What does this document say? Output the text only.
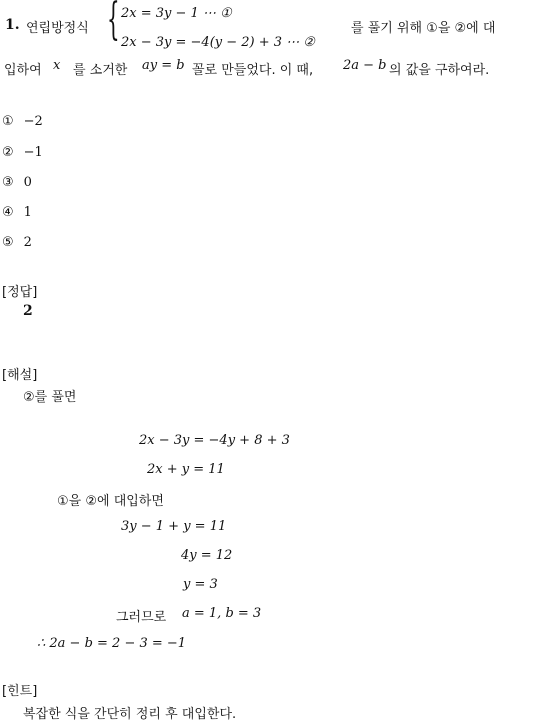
1. 연립방정식 { 2x = 3y − 1 ⋯ ①
2x − 3y = −4(y − 2) + 3 ⋯ ②
를 풀기 위해 ①을 ②에 대
입하여 x 를 소거한 ay = b 꼴로 만들었다. 이 때, 2a − b 의 값을 구하여라.
① −2
② −1
③ 0
④ 1
⑤ 2
[정답]
2
[해설]
②를 풀면
2x − 3y = −4y + 8 + 3
2x + y = 11
①을 ②에 대입하면
3y − 1 + y = 11
4y = 12
y = 3
그러므로 a = 1, b = 3
∴ 2a − b = 2 − 3 = −1
[힌트]
복잡한 식을 간단히 정리 후 대입한다.
